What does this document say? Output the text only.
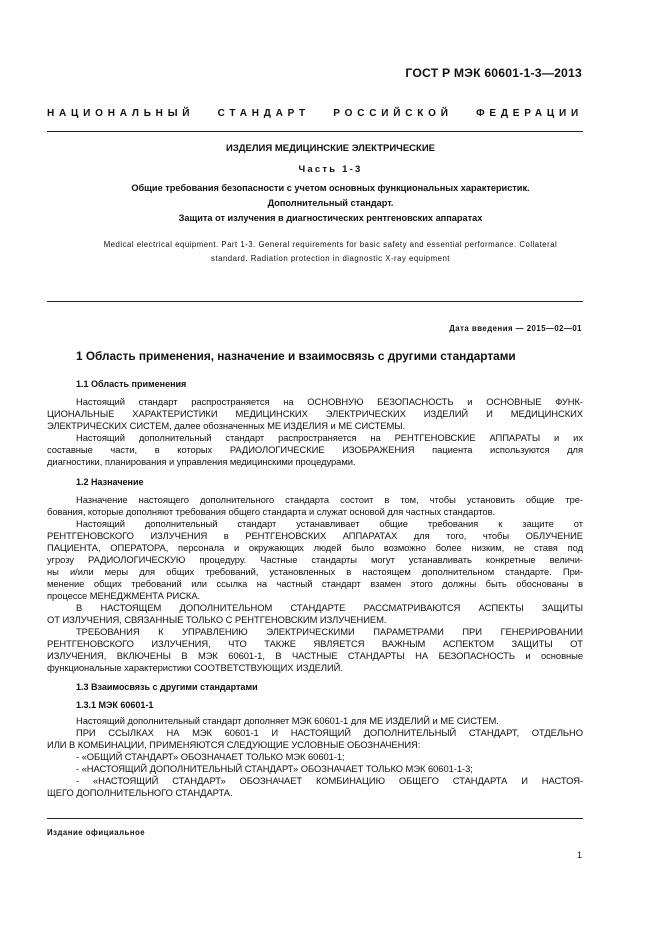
ГОСТ Р МЭК 60601-1-3—2013
НАЦИОНАЛЬНЫЙ СТАНДАРТ РОССИЙСКОЙ ФЕДЕРАЦИИ
ИЗДЕЛИЯ МЕДИЦИНСКИЕ ЭЛЕКТРИЧЕСКИЕ
Часть 1-3
Общие требования безопасности с учетом основных функциональных характеристик.
Дополнительный стандарт.
Защита от излучения в диагностических рентгеновских аппаратах
Medical electrical equipment. Part 1-3. General requirements for basic safety and essential performance. Collateral
standard. Radiation protection in diagnostic X-ray equipment
Дата введения — 2015—02—01
1 Область применения, назначение и взаимосвязь с другими стандартами
1.1 Область применения
Настоящий стандарт распространяется на ОСНОВНУЮ БЕЗОПАСНОСТЬ и ОСНОВНЫЕ ФУНК-
ЦИОНАЛЬНЫЕ ХАРАКТЕРИСТИКИ МЕДИЦИНСКИХ ЭЛЕКТРИЧЕСКИХ ИЗДЕЛИЙ И МЕДИЦИНСКИХ
ЭЛЕКТРИЧЕСКИХ СИСТЕМ, далее обозначенных МЕ ИЗДЕЛИЯ и МЕ СИСТЕМЫ.
Настоящий дополнительный стандарт распространяется на РЕНТГЕНОВСКИЕ АППАРАТЫ и их
составные части, в которых РАДИОЛОГИЧЕСКИЕ ИЗОБРАЖЕНИЯ пациента используются для
диагностики, планирования и управления медицинскими процедурами.
1.2 Назначение
Назначение настоящего дополнительного стандарта состоит в том, чтобы установить общие тре-
бования, которые дополняют требования общего стандарта и служат основой для частных стандартов.
Настоящий дополнительный стандарт устанавливает общие требования к защите от
РЕНТГЕНОВСКОГО ИЗЛУЧЕНИЯ в РЕНТГЕНОВСКИХ АППАРАТАХ для того, чтобы ОБЛУЧЕНИЕ
ПАЦИЕНТА, ОПЕРАТОРА, персонала и окружающих людей было возможно более низким, не ставя под
угрозу РАДИОЛОГИЧЕСКУЮ процедуру. Частные стандарты могут устанавливать конкретные величи-
ны и/или меры для общих требований, установленных в настоящем дополнительном стандарте. При-
менение общих требований или ссылка на частный стандарт взамен этого должны быть обоснованы в
процессе МЕНЕДЖМЕНТА РИСКА.
В НАСТОЯЩЕМ ДОПОЛНИТЕЛЬНОМ СТАНДАРТЕ РАССМАТРИВАЮТСЯ АСПЕКТЫ ЗАЩИТЫ
ОТ ИЗЛУЧЕНИЯ, СВЯЗАННЫЕ ТОЛЬКО С РЕНТГЕНОВСКИМ ИЗЛУЧЕНИЕМ.
ТРЕБОВАНИЯ К УПРАВЛЕНИЮ ЭЛЕКТРИЧЕСКИМИ ПАРАМЕТРАМИ ПРИ ГЕНЕРИРОВАНИИ
РЕНТГЕНОВСКОГО ИЗЛУЧЕНИЯ, ЧТО ТАКЖЕ ЯВЛЯЕТСЯ ВАЖНЫМ АСПЕКТОМ ЗАЩИТЫ ОТ
ИЗЛУЧЕНИЯ, ВКЛЮЧЕНЫ В МЭК 60601-1, В ЧАСТНЫЕ СТАНДАРТЫ НА БЕЗОПАСНОСТЬ и основные
функциональные характеристики СООТВЕТСТВУЮЩИХ ИЗДЕЛИЙ.
1.3 Взаимосвязь с другими стандартами
1.3.1 МЭК 60601-1
Настоящий дополнительный стандарт дополняет МЭК 60601-1 для МЕ ИЗДЕЛИЙ и МЕ СИСТЕМ.
ПРИ ССЫЛКАХ НА МЭК 60601-1 И НАСТОЯЩИЙ ДОПОЛНИТЕЛЬНЫЙ СТАНДАРТ, ОТДЕЛЬНО
ИЛИ В КОМБИНАЦИИ, ПРИМЕНЯЮТСЯ СЛЕДУЮЩИЕ УСЛОВНЫЕ ОБОЗНАЧЕНИЯ:
- «ОБЩИЙ СТАНДАРТ» ОБОЗНАЧАЕТ ТОЛЬКО МЭК 60601-1;
- «НАСТОЯЩИЙ ДОПОЛНИТЕЛЬНЫЙ СТАНДАРТ» ОБОЗНАЧАЕТ ТОЛЬКО МЭК 60601-1-3;
- «НАСТОЯЩИЙ СТАНДАРТ» ОБОЗНАЧАЕТ КОМБИНАЦИЮ ОБЩЕГО СТАНДАРТА И НАСТОЯ-
ЩЕГО ДОПОЛНИТЕЛЬНОГО СТАНДАРТА.
Издание официальное
1
